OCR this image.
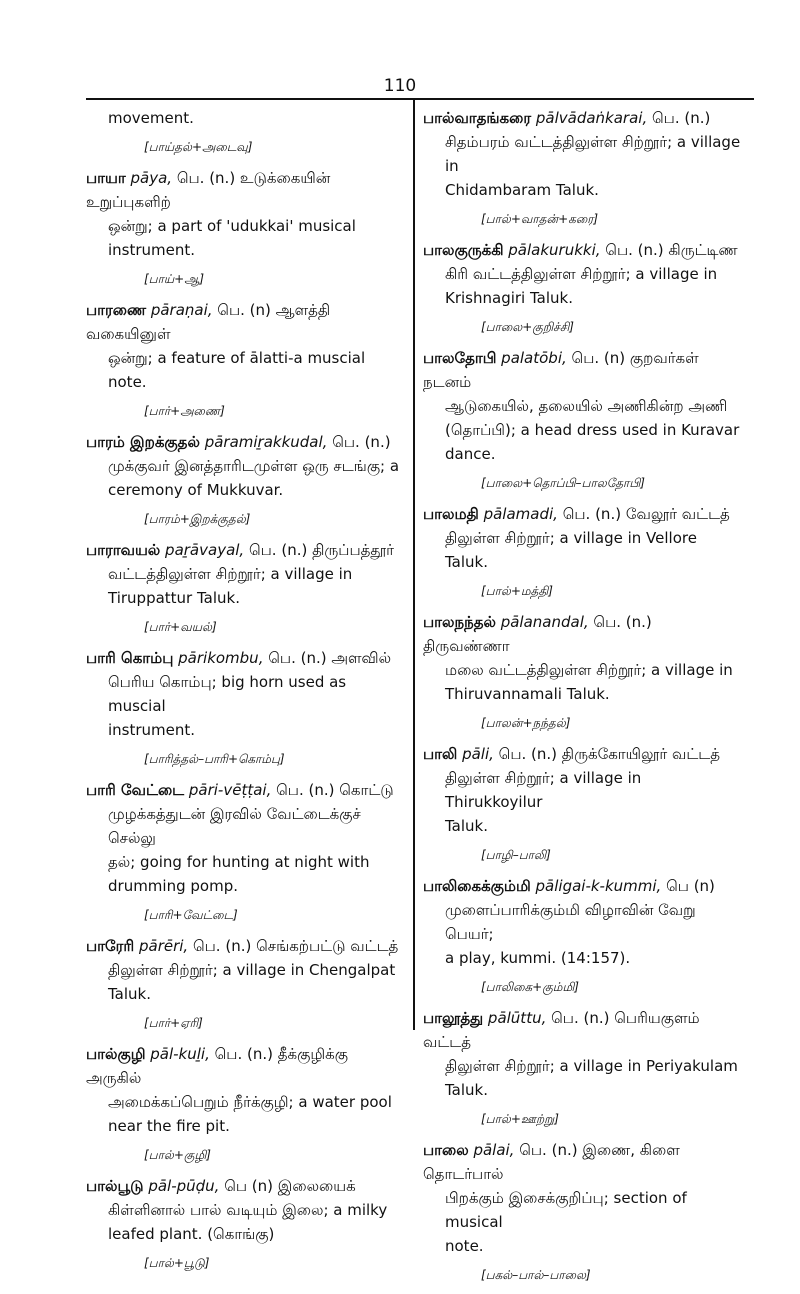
110
movement.
[பாய்தல்+அடைவு]
பாயா pāya, பெ. (n.) உடுக்கையின் உறுப்புகளிற்
ஒன்று; a part of 'udukkai' musical
instrument.
[பாய்+ஆ]
பாரணை pāraṇai, பெ. (n) ஆளத்தி வகையினுள்
ஒன்று; a feature of ālatti-a muscial note.
[பார்+அணை]
பாரம் இறக்குதல் pāramiṟakkudal, பெ. (n.)
முக்குவர் இனத்தாரிடமுள்ள ஒரு சடங்கு; a
ceremony of Mukkuvar.
[பாரம்+இறக்குதல்]
பாராவயல் paṟāvayal, பெ. (n.) திருப்பத்தூர்
வட்டத்திலுள்ள சிற்றூர்; a village in
Tiruppattur Taluk.
[பார்+வயல்]
பாரி கொம்பு pārikombu, பெ. (n.) அளவில்
பெரிய கொம்பு; big horn used as muscial
instrument.
[பாரித்தல்–பாரி+கொம்பு]
பாரி வேட்டை pāri-vēṭṭai, பெ. (n.) கொட்டு
முழக்கத்துடன் இரவில் வேட்டைக்குச் செல்லு
தல்; going for hunting at night with
drumming pomp.
[பாரி+வேட்டை]
பாரேரி pārēri, பெ. (n.) செங்கற்பட்டு வட்டத்
திலுள்ள சிற்றூர்; a village in Chengalpat
Taluk.
[பார்+ஏரி]
பால்குழி pāl-kuḻi, பெ. (n.) தீக்குழிக்கு அருகில்
அமைக்கப்பெறும் நீர்க்குழி; a water pool
near the fire pit.
[பால்+குழி]
பால்பூடு pāl-pūḍu, பெ (n) இலையைக்
கிள்ளினால் பால் வடியும் இலை; a milky
leafed plant. (கொங்கு)
[பால்+பூடு]
பால்வாதங்கரை pālvādaṅkarai, பெ. (n.)
சிதம்பரம் வட்டத்திலுள்ள சிற்றூர்; a village in
Chidambaram Taluk.
[பால்+வாதன்+கரை]
பாலகுருக்கி pālakurukki, பெ. (n.) கிருட்டிண
கிரி வட்டத்திலுள்ள சிற்றூர்; a village in
Krishnagiri Taluk.
[பாலை+குறிச்சி]
பாலதோபி palatōbi, பெ. (n) குறவர்கள் நடனம்
ஆடுகையில், தலையில் அணிகின்ற அணி
(தொப்பி); a head dress used in Kuravar
dance.
[பாலை+தொப்பி–பாலதோபி]
பாலமதி pālamadi, பெ. (n.) வேலூர் வட்டத்
திலுள்ள சிற்றூர்; a village in Vellore Taluk.
[பால்+மத்தி]
பாலநந்தல் pālanandal, பெ. (n.) திருவண்ணா
மலை வட்டத்திலுள்ள சிற்றூர்; a village in
Thiruvannamali Taluk.
[பாலன்+நந்தல்]
பாலி pāli, பெ. (n.) திருக்கோயிலூர் வட்டத்
திலுள்ள சிற்றூர்; a village in Thirukkoyilur
Taluk.
[பாழி–பாலி]
பாலிகைக்கும்மி pāligai-k-kummi, பெ (n)
முளைப்பாரிக்கும்மி விழாவின் வேறு பெயர்;
a play, kummi. (14:157).
[பாலிகை+கும்மி]
பாலூத்து pālūttu, பெ. (n.) பெரியகுளம் வட்டத்
திலுள்ள சிற்றூர்; a village in Periyakulam
Taluk.
[பால்+ஊற்று]
பாலை pālai, பெ. (n.) இணை, கிளை தொடர்பால்
பிறக்கும் இசைக்குறிப்பு; section of musical
note.
[பகல்–பால்–பாலை]
